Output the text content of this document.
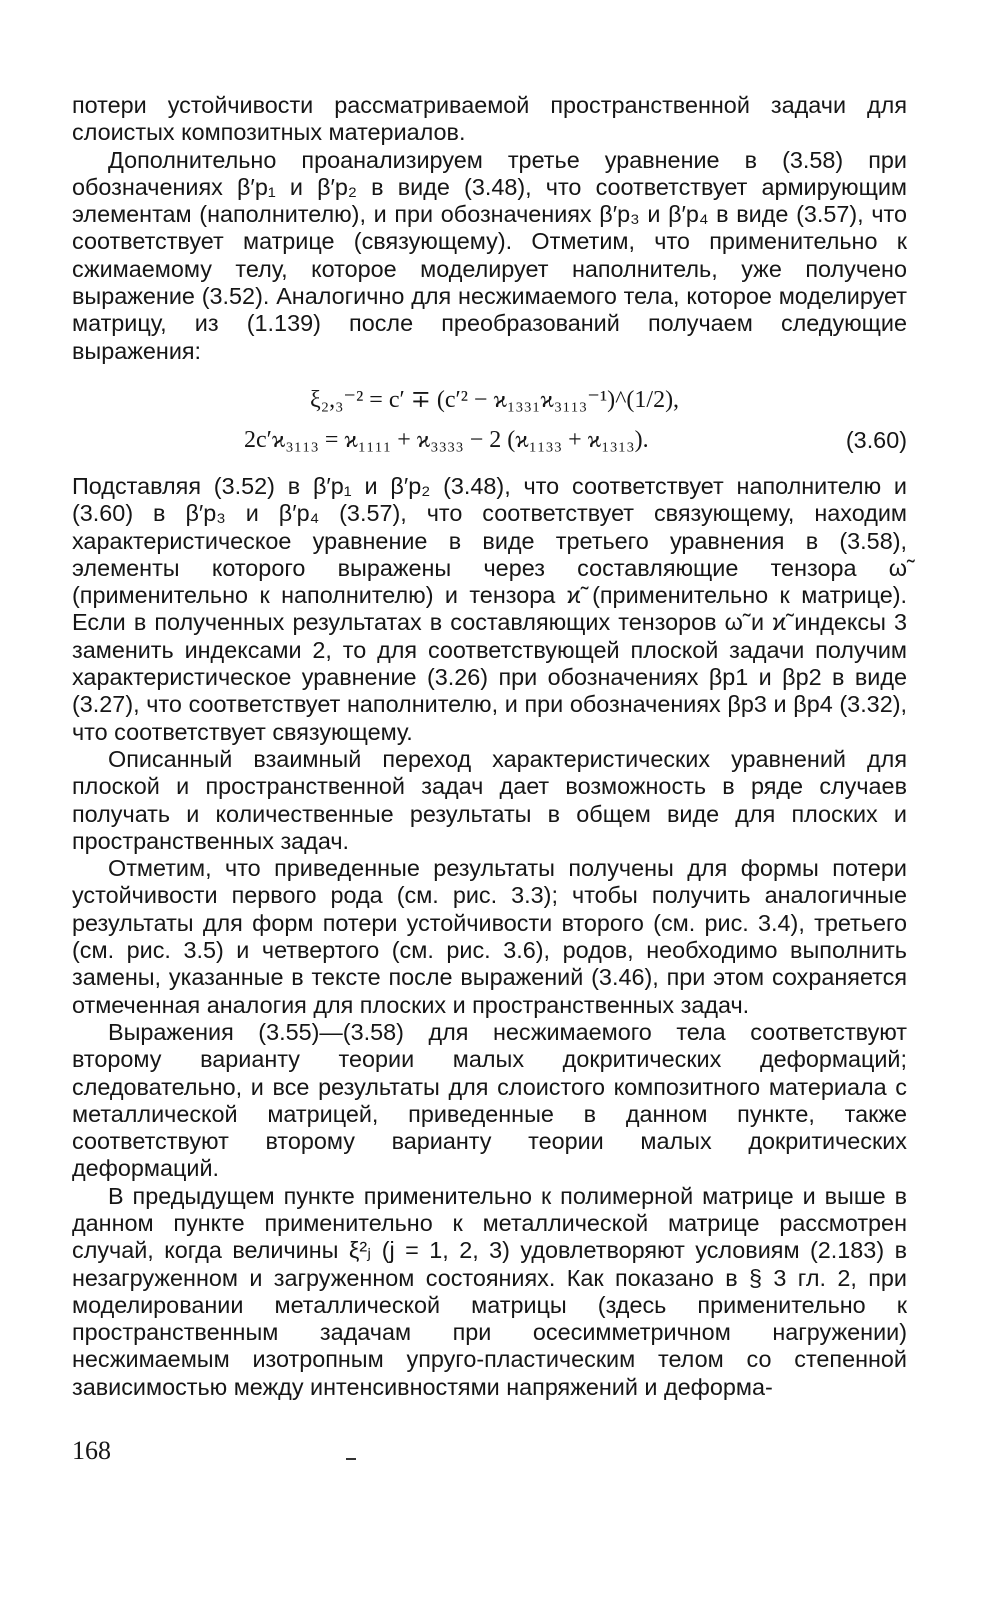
потери устойчивости рассматриваемой пространственной задачи для слоистых композитных материалов.

Дополнительно проанализируем третье уравнение в (3.58) при обозначениях β′p₁ и β′p₂ в виде (3.48), что соответствует армирующим элементам (наполнителю), и при обозначениях β′p₃ и β′p₄ в виде (3.57), что соответствует матрице (связующему). Отметим, что применительно к сжимаемому телу, которое моделирует наполнитель, уже получено выражение (3.52). Аналогично для несжимаемого тела, которое моделирует матрицу, из (1.139) после преобразований получаем следующие выражения:

ξ₂,₃⁻² = c′ ∓ (c′² − ϰ₁₃₃₁ϰ₃₁₁₃⁻¹)^(1/2),
2c′ϰ₃₁₁₃ = ϰ₁₁₁₁ + ϰ₃₃₃₃ − 2 (ϰ₁₁₃₃ + ϰ₁₃₁₃).	(3.60)

Подставляя (3.52) в β′p₁ и β′p₂ (3.48), что соответствует наполнителю и (3.60) в β′p₃ и β′p₄ (3.57), что соответствует связующему, находим характеристическое уравнение в виде третьего уравнения в (3.58), элементы которого выражены через составляющие тензора ω̃ (применительно к наполнителю) и тензора ϰ̃ (применительно к матрице). Если в полученных результатах в составляющих тензоров ω̃ и ϰ̃ индексы 3 заменить индексами 2, то для соответствующей плоской задачи получим характеристическое уравнение (3.26) при обозначениях βp1 и βp2 в виде (3.27), что соответствует наполнителю, и при обозначениях βp3 и βp4 (3.32), что соответствует связующему.

Описанный взаимный переход характеристических уравнений для плоской и пространственной задач дает возможность в ряде случаев получать и количественные результаты в общем виде для плоских и пространственных задач.

Отметим, что приведенные результаты получены для формы потери устойчивости первого рода (см. рис. 3.3); чтобы получить аналогичные результаты для форм потери устойчивости второго (см. рис. 3.4), третьего (см. рис. 3.5) и четвертого (см. рис. 3.6), родов, необходимо выполнить замены, указанные в тексте после выражений (3.46), при этом сохраняется отмеченная аналогия для плоских и пространственных задач.

Выражения (3.55)—(3.58) для несжимаемого тела соответствуют второму варианту теории малых докритических деформаций; следовательно, и все результаты для слоистого композитного материала с металлической матрицей, приведенные в данном пункте, также соответствуют второму варианту теории малых докритических деформаций.

В предыдущем пункте применительно к полимерной матрице и выше в данном пункте применительно к металлической матрице рассмотрен случай, когда величины ξ²ⱼ (j = 1, 2, 3) удовлетворяют условиям (2.183) в незагруженном и загруженном состояниях. Как показано в § 3 гл. 2, при моделировании металлической матрицы (здесь применительно к пространственным задачам при осесимметричном нагружении) несжимаемым изотропным упруго-пластическим телом со степенной зависимостью между интенсивностями напряжений и деформа-

168
